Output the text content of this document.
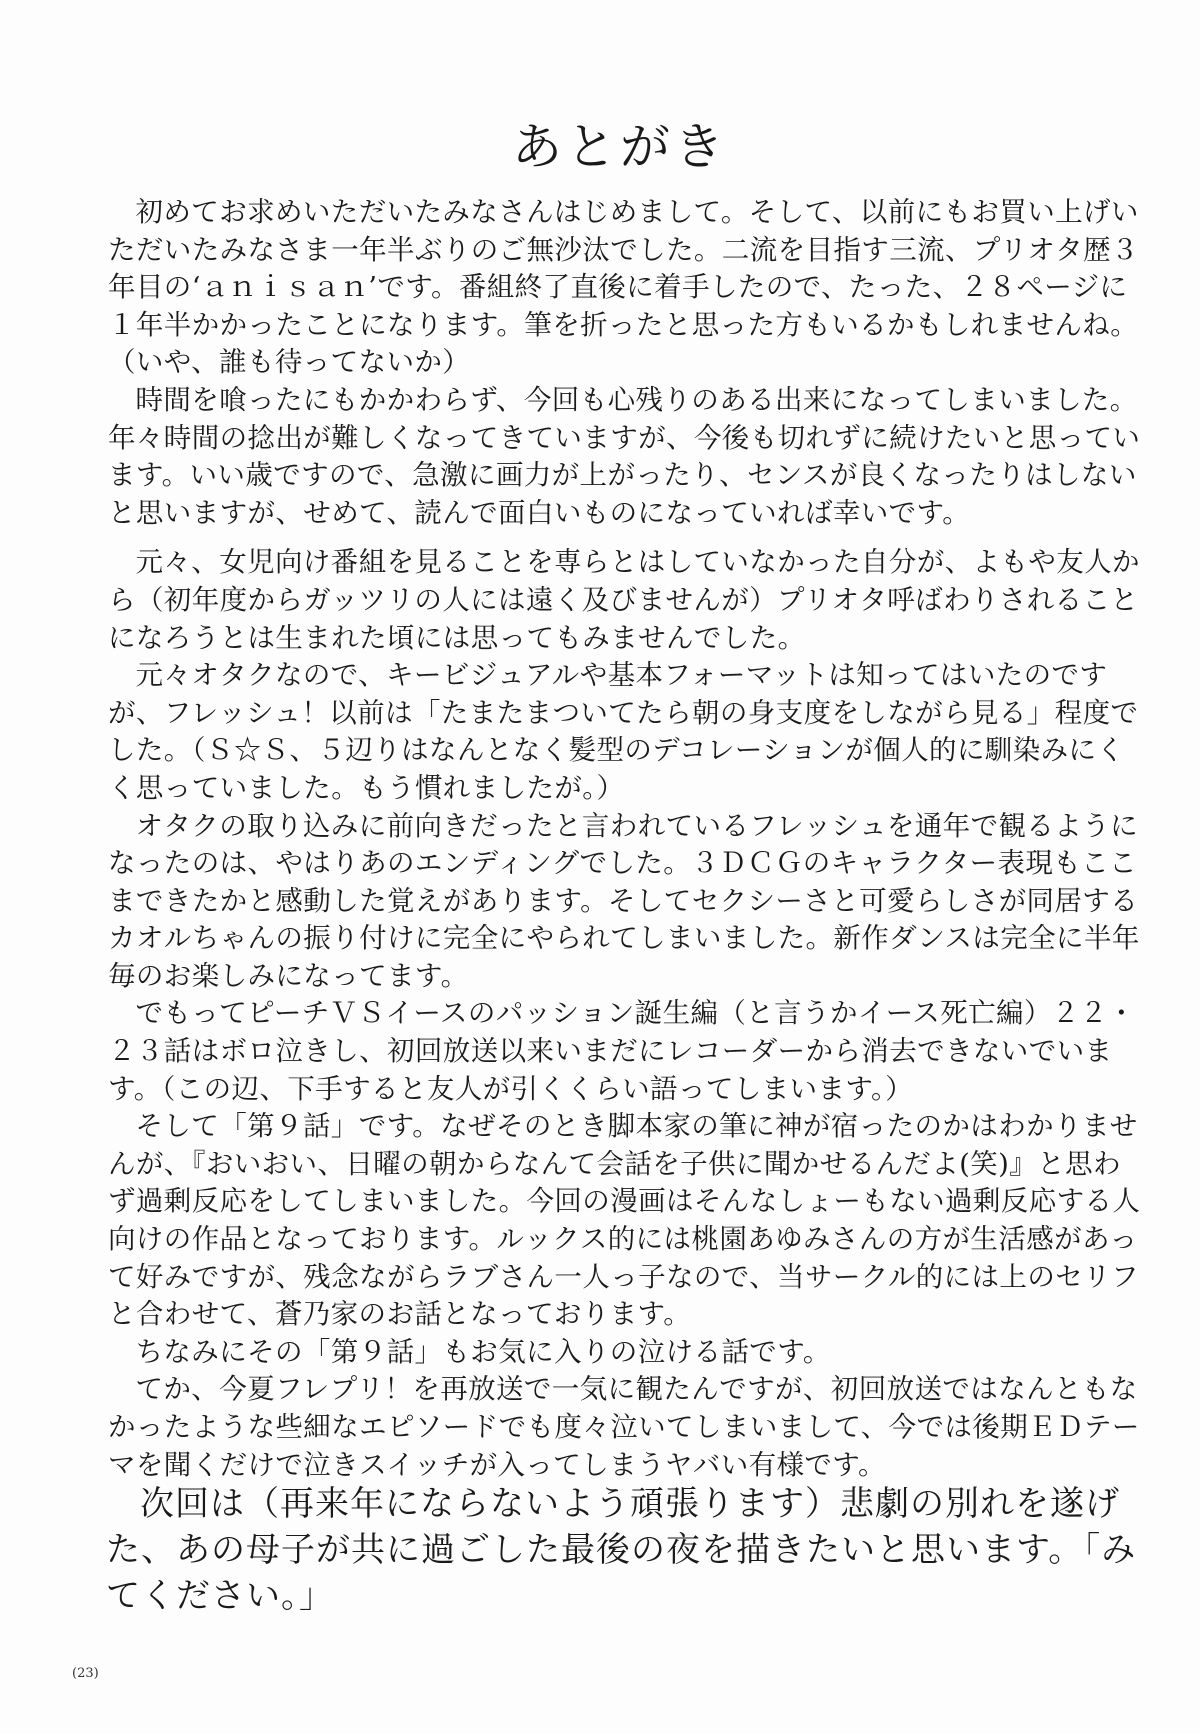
あとがき

初めてお求めいただいたみなさんはじめまして。そして、以前にもお買い上げいただいたみなさま一年半ぶりのご無沙汰でした。二流を目指す三流、プリオタ歴３年目の‘ａｎｉｓａｎ’です。番組終了直後に着手したので、たった、２８ページに１年半かかったことになります。筆を折ったと思った方もいるかもしれませんね。（いや、誰も待ってないか）

時間を喰ったにもかかわらず、今回も心残りのある出来になってしまいました。年々時間の捻出が難しくなってきていますが、今後も切れずに続けたいと思っています。いい歳ですので、急激に画力が上がったり、センスが良くなったりはしないと思いますが、せめて、読んで面白いものになっていれば幸いです。

元々、女児向け番組を見ることを専らとはしていなかった自分が、よもや友人から（初年度からガッツリの人には遠く及びませんが）プリオタ呼ばわりされることになろうとは生まれた頃には思ってもみませんでした。

元々オタクなので、キービジュアルや基本フォーマットは知ってはいたのですが、フレッシュ！以前は「たまたまついてたら朝の身支度をしながら見る」程度でした。（Ｓ☆Ｓ、５辺りはなんとなく髪型のデコレーションが個人的に馴染みにくく思っていました。もう慣れましたが。）

オタクの取り込みに前向きだったと言われているフレッシュを通年で観るようになったのは、やはりあのエンディングでした。３ＤＣＧのキャラクター表現もここまできたかと感動した覚えがあります。そしてセクシーさと可愛らしさが同居するカオルちゃんの振り付けに完全にやられてしまいました。新作ダンスは完全に半年毎のお楽しみになってます。

でもってピーチＶＳイースのパッション誕生編（と言うかイース死亡編）２２・２３話はボロ泣きし、初回放送以来いまだにレコーダーから消去できないでいます。（この辺、下手すると友人が引くくらい語ってしまいます。）

そして「第９話」です。なぜそのとき脚本家の筆に神が宿ったのかはわかりませんが、『おいおい、日曜の朝からなんて会話を子供に聞かせるんだよ(笑)』と思わず過剰反応をしてしまいました。今回の漫画はそんなしょーもない過剰反応する人向けの作品となっております。ルックス的には桃園あゆみさんの方が生活感があって好みですが、残念ながらラブさん一人っ子なので、当サークル的には上のセリフと合わせて、蒼乃家のお話となっております。

ちなみにその「第９話」もお気に入りの泣ける話です。

てか、今夏フレプリ！を再放送で一気に観たんですが、初回放送ではなんともなかったような些細なエピソードでも度々泣いてしまいまして、今では後期ＥＤテーマを聞くだけで泣きスイッチが入ってしまうヤバい有様です。

次回は（再来年にならないよう頑張ります）悲劇の別れを遂げた、あの母子が共に過ごした最後の夜を描きたいと思います。「みてください。」

(23)
